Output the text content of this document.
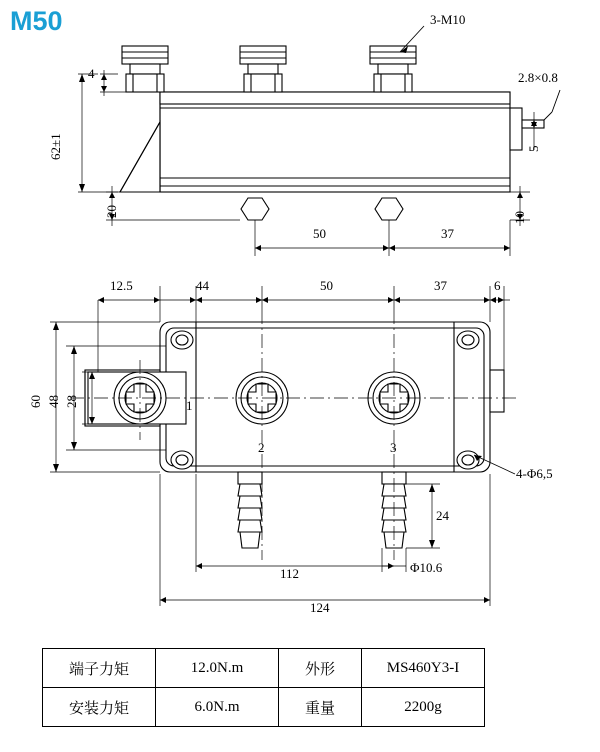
M50	3-M10
2.8×0.8
62±1
4
20
5
10
50	37
12.5	44	50	37	6
60 48 28	1
2	3
4-Φ6,5
24
112	Φ10.6
124
端子力矩	12.0N.m	外形	MS460Y3-I
安装力矩	6.0N.m	重量	2200g
